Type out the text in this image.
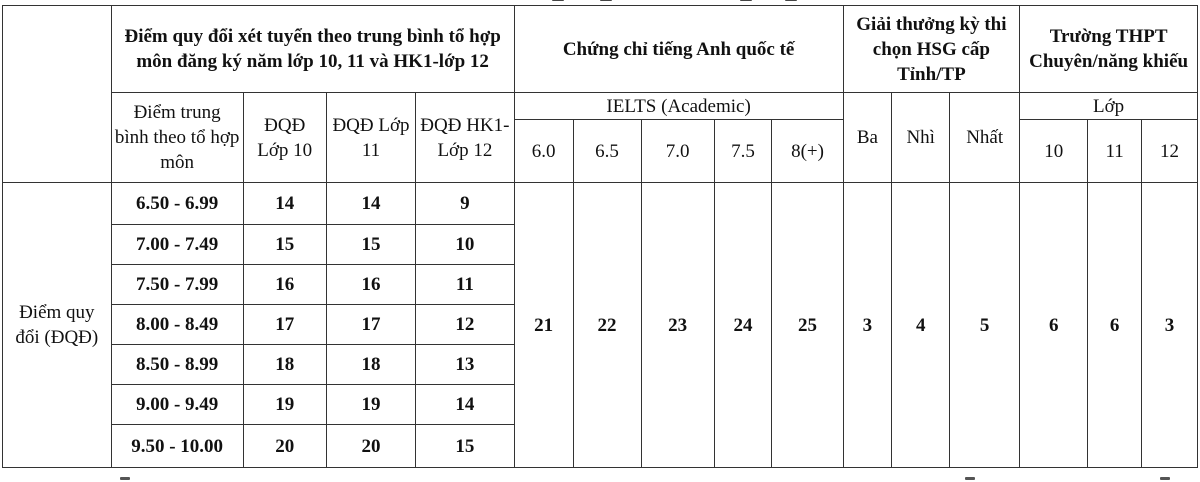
	Điểm quy đổi xét tuyển theo trung bình tổ hợp môn đăng ký năm lớp 10, 11 và HK1-lớp 12				Chứng chỉ tiếng Anh quốc tế					Giải thưởng kỳ thi chọn HSG cấp Tỉnh/TP			Trường THPT Chuyên/năng khiếu		
	Điểm trung bình theo tổ hợp môn	ĐQĐ Lớp 10	ĐQĐ Lớp 11	ĐQĐ HK1-Lớp 12	IELTS (Academic)					Ba	Nhì	Nhất	Lớp		
					6.0	6.5	7.0	7.5	8(+)				10	11	12
Điểm quy đổi (ĐQĐ)	6.50 - 6.99	14	14	9	21	22	23	24	25	3	4	5	6	6	3
	7.00 - 7.49	15	15	10											
	7.50 - 7.99	16	16	11											
	8.00 - 8.49	17	17	12											
	8.50 - 8.99	18	18	13											
	9.00 - 9.49	19	19	14											
	9.50 - 10.00	20	20	15											
